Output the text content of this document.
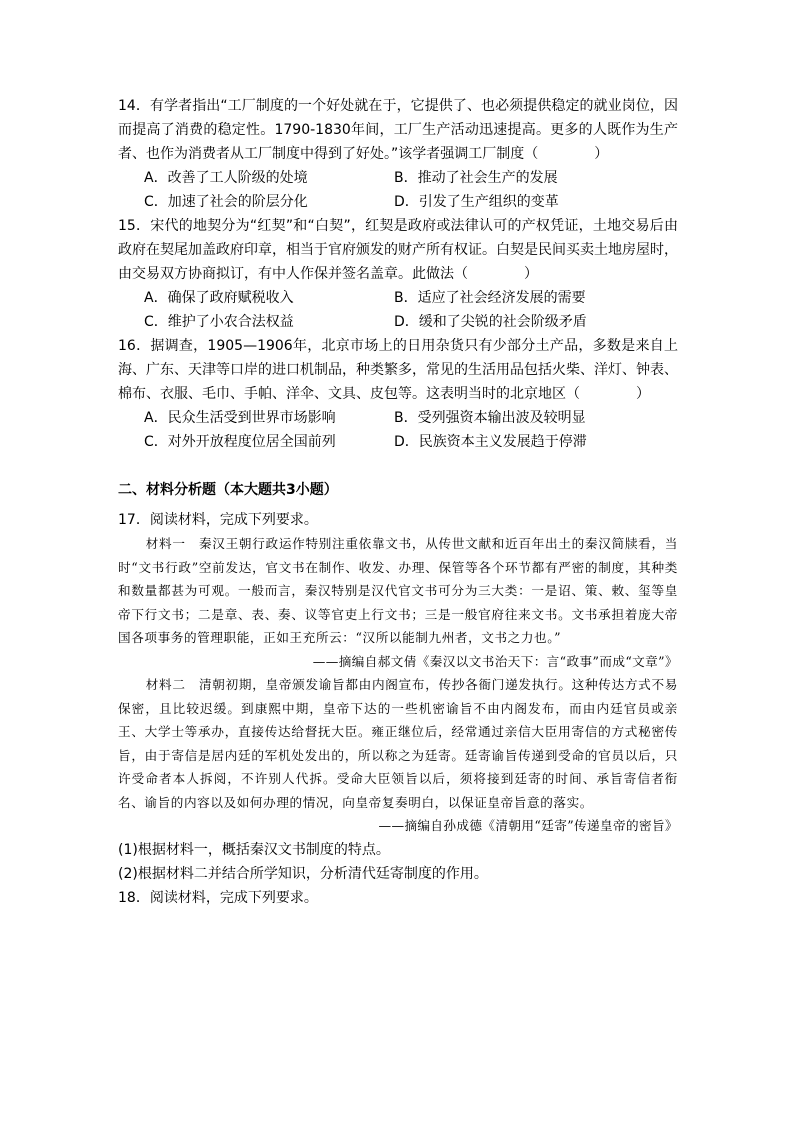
14．有学者指出“工厂制度的一个好处就在于，它提供了、也必须提供稳定的就业岗位，因而提高了消费的稳定性。1790-1830年间，工厂生产活动迅速提高。更多的人既作为生产者、也作为消费者从工厂制度中得到了好处。”该学者强调工厂制度（　　　　）

A．改善了工人阶级的处境	B．推动了社会生产的发展
C．加速了社会的阶层分化	D．引发了生产组织的变革

15．宋代的地契分为“红契”和“白契”，红契是政府或法律认可的产权凭证，土地交易后由政府在契尾加盖政府印章，相当于官府颁发的财产所有权证。白契是民间买卖土地房屋时，由交易双方协商拟订，有中人作保并签名盖章。此做法（　　　　）

A．确保了政府赋税收入	B．适应了社会经济发展的需要
C．维护了小农合法权益	D．缓和了尖锐的社会阶级矛盾

16．据调查，1905—1906年，北京市场上的日用杂货只有少部分土产品，多数是来自上海、广东、天津等口岸的进口机制品，种类繁多，常见的生活用品包括火柴、洋灯、钟表、棉布、衣服、毛巾、手帕、洋伞、文具、皮包等。这表明当时的北京地区（　　　　）

A．民众生活受到世界市场影响	B．受列强资本输出波及较明显
C．对外开放程度位居全国前列	D．民族资本主义发展趋于停滞
二、材料分析题（本大题共3小题）

17．阅读材料，完成下列要求。

材料一　秦汉王朝行政运作特别注重依靠文书，从传世文献和近百年出土的秦汉简牍看，当时“文书行政”空前发达，官文书在制作、收发、办理、保管等各个环节都有严密的制度，其种类和数量都甚为可观。一般而言，秦汉特别是汉代官文书可分为三大类：一是诏、策、敕、玺等皇帝下行文书；二是章、表、奏、议等官吏上行文书；三是一般官府往来文书。文书承担着庞大帝国各项事务的管理职能，正如王充所云：“汉所以能制九州者，文书之力也。”

——摘编自郝文倩《秦汉以文书治天下：言“政事”而成“文章”》

材料二　清朝初期，皇帝颁发谕旨都由内阁宣布，传抄各衙门递发执行。这种传达方式不易保密，且比较迟缓。到康熙中期，皇帝下达的一些机密谕旨不由内阁发布，而由内廷官员或亲王、大学士等承办，直接传达给督抚大臣。雍正继位后，经常通过亲信大臣用寄信的方式秘密传旨，由于寄信是居内廷的军机处发出的，所以称之为廷寄。廷寄谕旨传递到受命的官员以后，只许受命者本人拆阅，不许别人代拆。受命大臣领旨以后，须将接到廷寄的时间、承旨寄信者衔名、谕旨的内容以及如何办理的情况，向皇帝复奏明白，以保证皇帝旨意的落实。

——摘编自孙成德《清朝用“廷寄”传递皇帝的密旨》

(1)根据材料一，概括秦汉文书制度的特点。

(2)根据材料二并结合所学知识，分析清代廷寄制度的作用。

18．阅读材料，完成下列要求。
